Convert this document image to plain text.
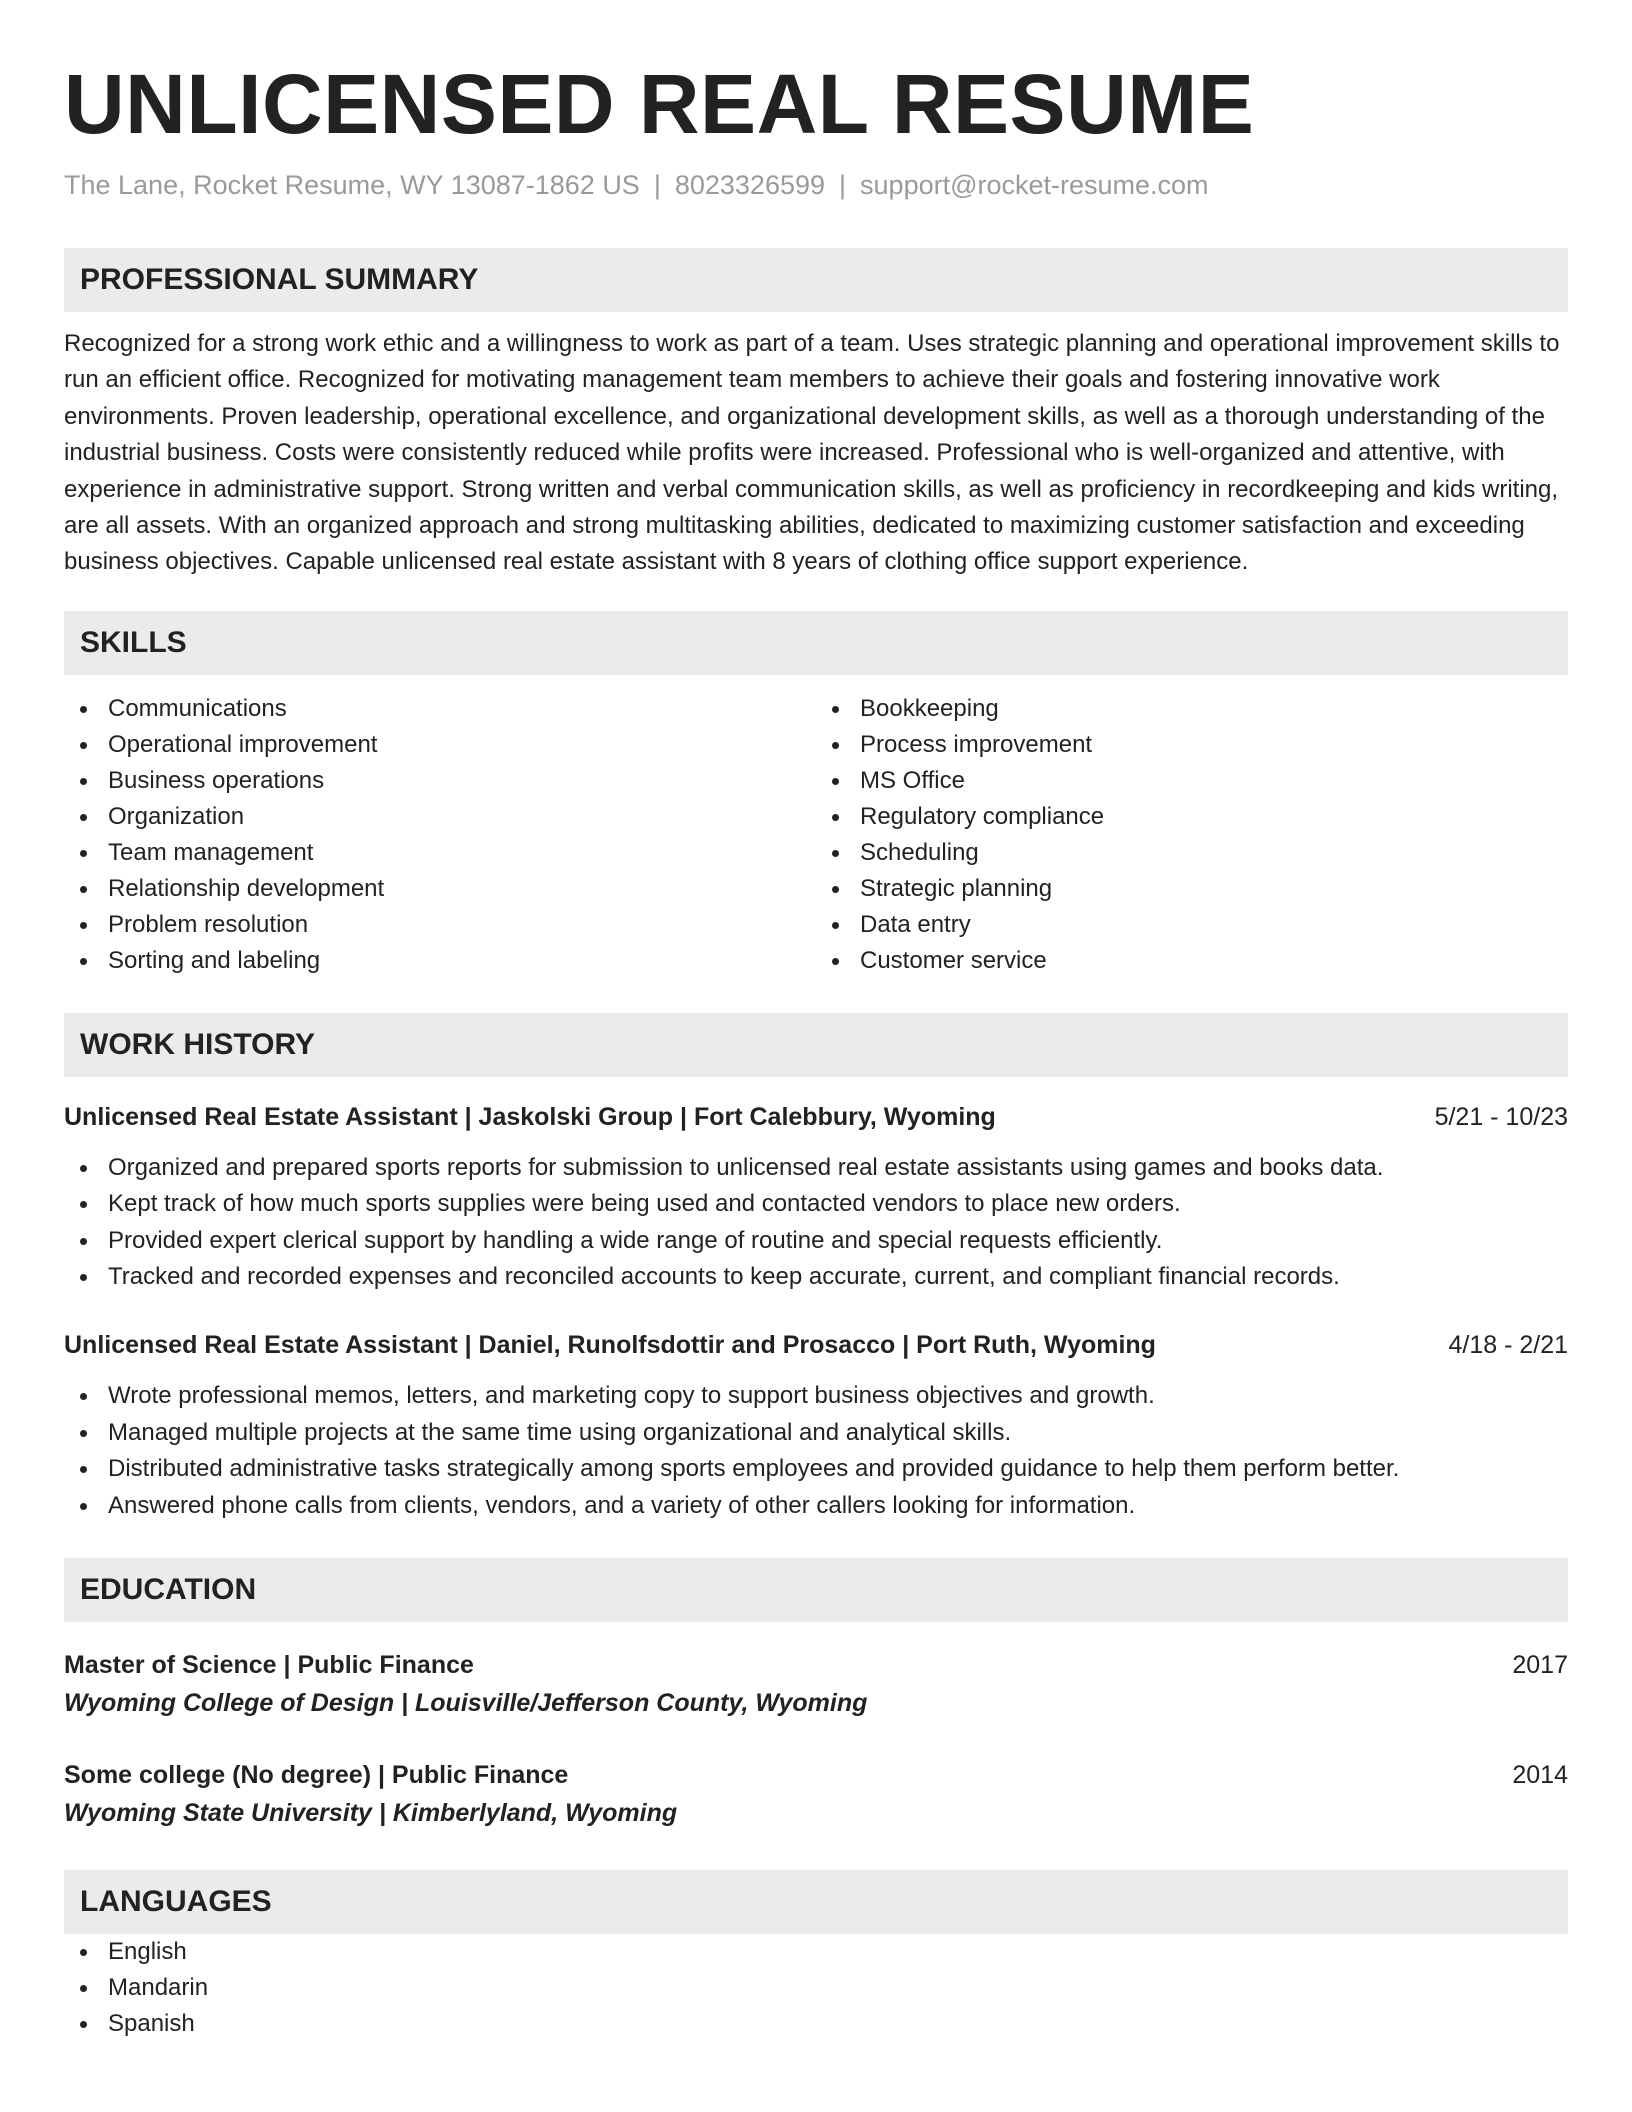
UNLICENSED REAL RESUME
The Lane, Rocket Resume, WY 13087-1862 US | 8023326599 | support@rocket-resume.com
PROFESSIONAL SUMMARY

Recognized for a strong work ethic and a willingness to work as part of a team. Uses strategic planning and operational improvement skills to run an efficient office. Recognized for motivating management team members to achieve their goals and fostering innovative work environments. Proven leadership, operational excellence, and organizational development skills, as well as a thorough understanding of the industrial business. Costs were consistently reduced while profits were increased. Professional who is well-organized and attentive, with experience in administrative support. Strong written and verbal communication skills, as well as proficiency in recordkeeping and kids writing, are all assets. With an organized approach and strong multitasking abilities, dedicated to maximizing customer satisfaction and exceeding business objectives. Capable unlicensed real estate assistant with 8 years of clothing office support experience.

SKILLS
Communications
Operational improvement
Business operations
Organization
Team management
Relationship development
Problem resolution
Sorting and labeling
Bookkeeping
Process improvement
MS Office
Regulatory compliance
Scheduling
Strategic planning
Data entry
Customer service
WORK HISTORY
Unlicensed Real Estate Assistant | Jaskolski Group | Fort Calebbury, Wyoming	5/21 - 10/23
Organized and prepared sports reports for submission to unlicensed real estate assistants using games and books data.
Kept track of how much sports supplies were being used and contacted vendors to place new orders.
Provided expert clerical support by handling a wide range of routine and special requests efficiently.
Tracked and recorded expenses and reconciled accounts to keep accurate, current, and compliant financial records.
Unlicensed Real Estate Assistant | Daniel, Runolfsdottir and Prosacco | Port Ruth, Wyoming	4/18 - 2/21
Wrote professional memos, letters, and marketing copy to support business objectives and growth.
Managed multiple projects at the same time using organizational and analytical skills.
Distributed administrative tasks strategically among sports employees and provided guidance to help them perform better.
Answered phone calls from clients, vendors, and a variety of other callers looking for information.
EDUCATION
Master of Science | Public Finance	2017
Wyoming College of Design | Louisville/Jefferson County, Wyoming
Some college (No degree) | Public Finance	2014
Wyoming State University | Kimberlyland, Wyoming
LANGUAGES
English
Mandarin
Spanish
